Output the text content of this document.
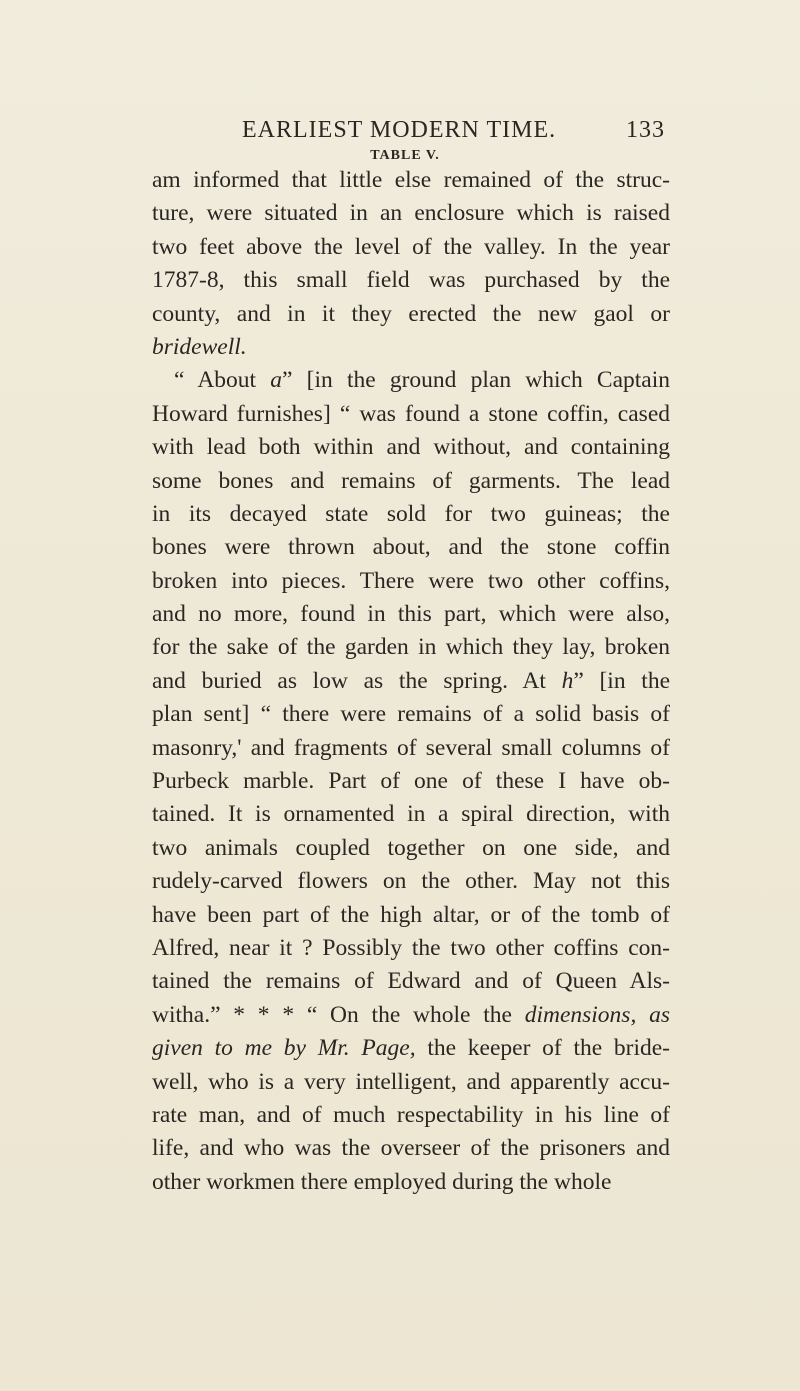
EARLIEST MODERN TIME.	133
TABLE V.
am informed that little else remained of the struc-
ture, were situated in an enclosure which is raised
two feet above the level of the valley. In the year
1787-8, this small field was purchased by the
county, and in it they erected the new gaol or
bridewell.
“ About a” [in the ground plan which Captain
Howard furnishes] “ was found a stone coffin, cased
with lead both within and without, and containing
some bones and remains of garments. The lead
in its decayed state sold for two guineas; the
bones were thrown about, and the stone coffin
broken into pieces. There were two other coffins,
and no more, found in this part, which were also,
for the sake of the garden in which they lay, broken
and buried as low as the spring. At h” [in the
plan sent] “ there were remains of a solid basis of
masonry,' and fragments of several small columns of
Purbeck marble. Part of one of these I have ob-
tained. It is ornamented in a spiral direction, with
two animals coupled together on one side, and
rudely-carved flowers on the other. May not this
have been part of the high altar, or of the tomb of
Alfred, near it ? Possibly the two other coffins con-
tained the remains of Edward and of Queen Als-
witha.” * * * “ On the whole the dimensions, as
given to me by Mr. Page, the keeper of the bride-
well, who is a very intelligent, and apparently accu-
rate man, and of much respectability in his line of
life, and who was the overseer of the prisoners and
other workmen there employed during the whole
